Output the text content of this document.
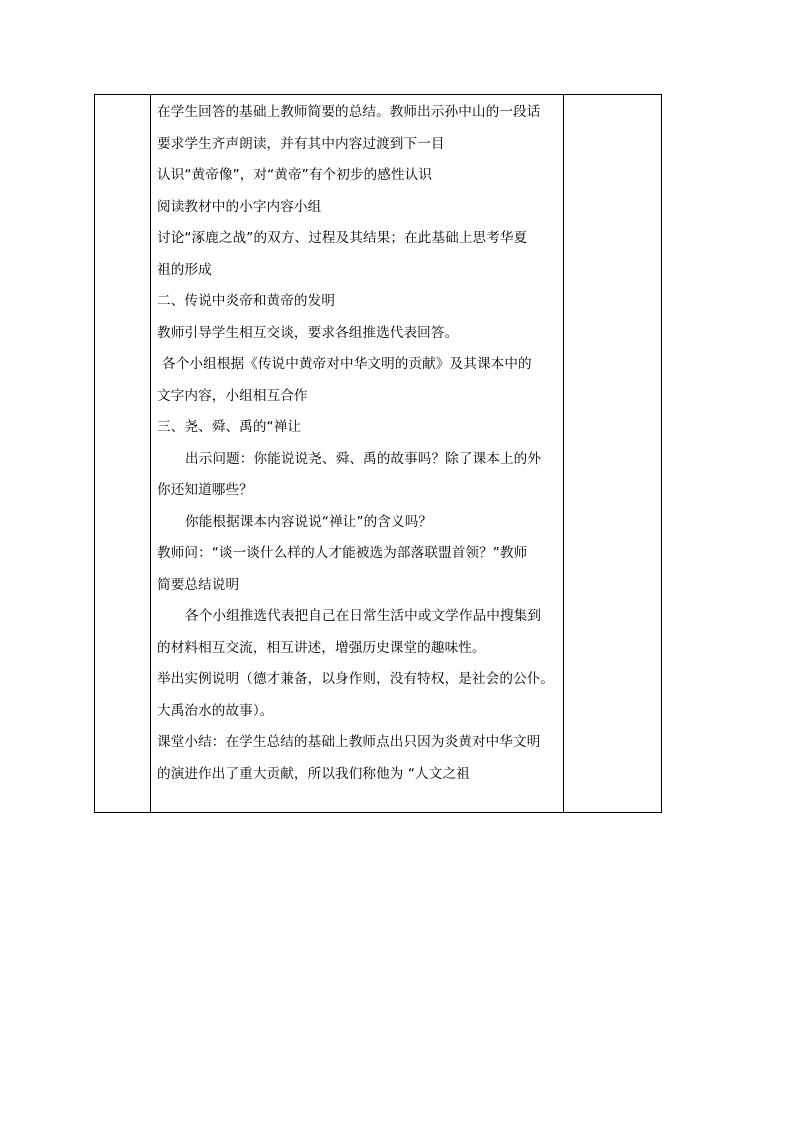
在学生回答的基础上教师简要的总结。教师出示孙中山的一段话
要求学生齐声朗读，并有其中内容过渡到下一目
认识“黄帝像”，对“黄帝”有个初步的感性认识
阅读教材中的小字内容小组
讨论“涿鹿之战”的双方、过程及其结果；在此基础上思考华夏
祖的形成
二、传说中炎帝和黄帝的发明
教师引导学生相互交谈，要求各组推选代表回答。
各个小组根据《传说中黄帝对中华文明的贡献》及其课本中的
文字内容，小组相互合作
三、尧、舜、禹的“禅让
出示问题：你能说说尧、舜、禹的故事吗？除了课本上的外
你还知道哪些？
你能根据课本内容说说“禅让”的含义吗？
教师问：“谈一谈什么样的人才能被选为部落联盟首领？”教师
简要总结说明
各个小组推选代表把自己在日常生活中或文学作品中搜集到
的材料相互交流，相互讲述，增强历史课堂的趣味性。
举出实例说明（德才兼备，以身作则，没有特权，是社会的公仆。
大禹治水的故事）。
课堂小结：在学生总结的基础上教师点出只因为炎黄对中华文明
的演进作出了重大贡献，所以我们称他为 “人文之祖
